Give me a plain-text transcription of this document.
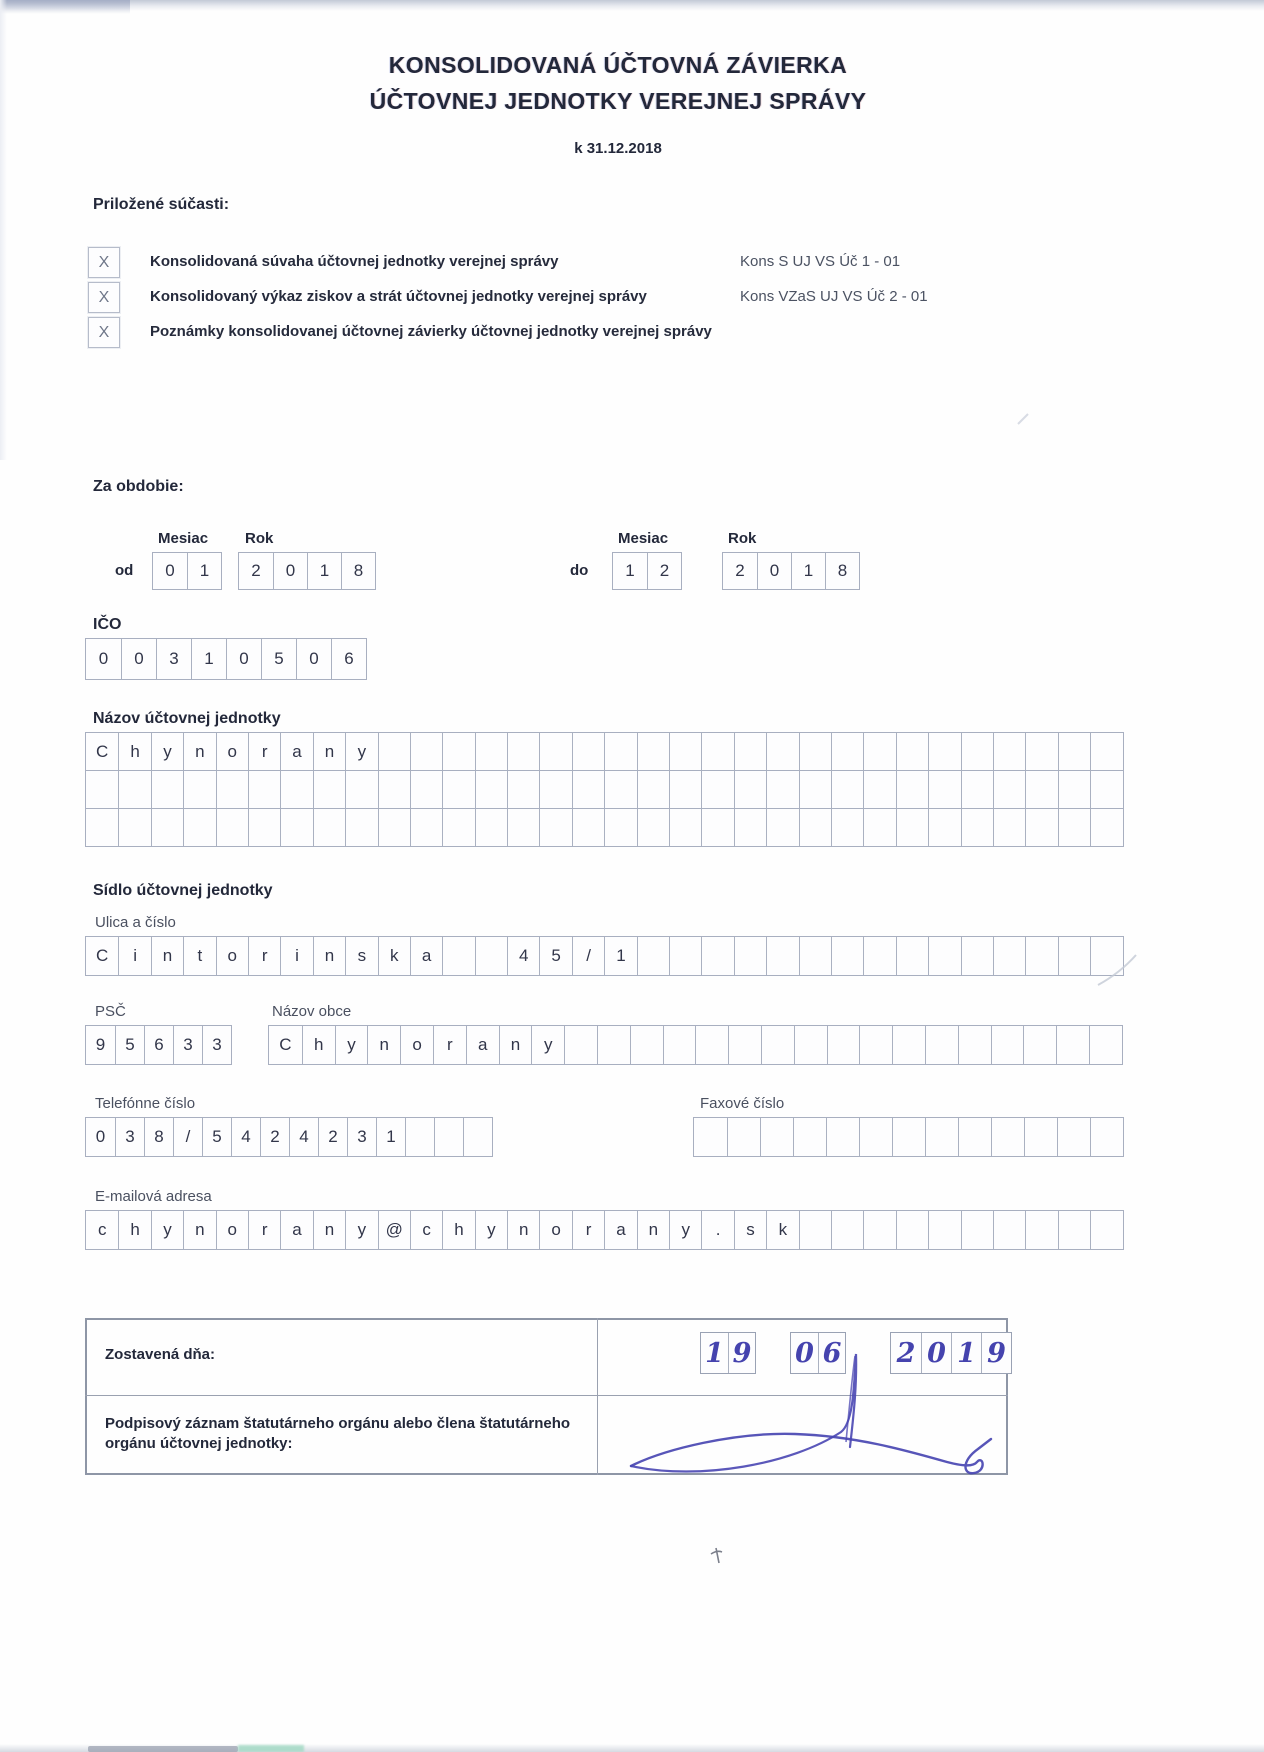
KONSOLIDOVANÁ ÚČTOVNÁ ZÁVIERKA
ÚČTOVNEJ JEDNOTKY VEREJNEJ SPRÁVY
k 31.12.2018
Priložené súčasti:
X	Konsolidovaná súvaha účtovnej jednotky verejnej správy	Kons S UJ VS Úč 1 - 01
X	Konsolidovaný výkaz ziskov a strát účtovnej jednotky verejnej správy	Kons VZaS UJ VS Úč 2 - 01
X	Poznámky konsolidovanej účtovnej závierky účtovnej jednotky verejnej správy
Za obdobie:
Mesiac Rok
od	0	1	2	0	1	8
Mesiac	Rok
do	1	2	2	0	1	8
IČO
0	0	3	1	0	5	0	6
Názov účtovnej jednotky
C	h	y	n	o	r	a	n	y
Sídlo účtovnej jednotky
Ulica a číslo
C	i	n	t	o	r	i	n	s	k	a	4	5	/	1
PSČ
9	5	6	3	3
Názov obce
C	h	y	n	o	r	a	n	y
Telefónne číslo
0	3	8	/	5	4	2	4	2	3	1
Faxové číslo
E-mailová adresa
c	h	y	n	o	r	a	n	y	@	c	h	y	n	o	r	a	n	y	.	s	k
Zostavená dňa:	1 9 0 6 2 0 1 9
Podpisový záznam štatutárneho orgánu alebo člena štatutárneho orgánu účtovnej jednotky:
